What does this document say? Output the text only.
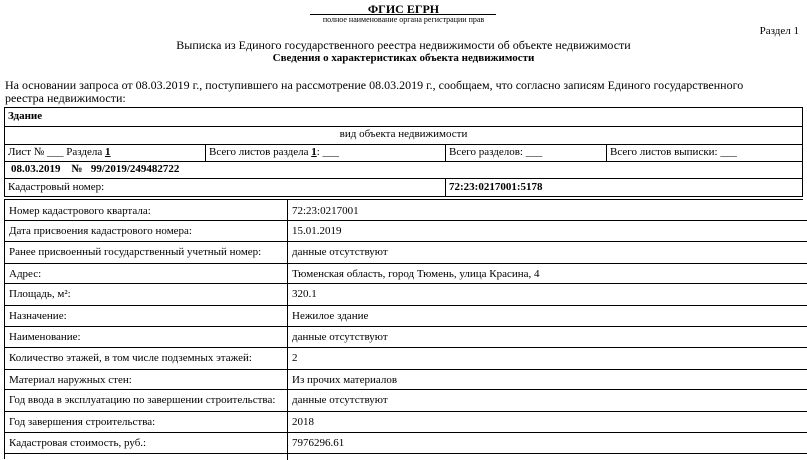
ФГИС ЕГРН
полное наименование органа регистрации прав
Раздел 1
Выписка из Единого государственного реестра недвижимости об объекте недвижимости
Сведения о характеристиках объекта недвижимости
На основании запроса от 08.03.2019 г., поступившего на рассмотрение 08.03.2019 г., сообщаем, что согласно записям Единого государственного реестра недвижимости:
Здание
вид объекта недвижимости
Лист № ___ Раздела 1	Всего листов раздела 1: ___	Всего разделов: ___	Всего листов выписки: ___
08.03.2019 № 99/2019/249482722
Кадастровый номер:	72:23:0217001:5178
Номер кадастрового квартала:	72:23:0217001
Дата присвоения кадастрового номера:	15.01.2019
Ранее присвоенный государственный учетный номер:	данные отсутствуют
Адрес:	Тюменская область, город Тюмень, улица Красина, 4
Площадь, м²:	320.1
Назначение:	Нежилое здание
Наименование:	данные отсутствуют
Количество этажей, в том числе подземных этажей:	2
Материал наружных стен:	Из прочих материалов
Год ввода в эксплуатацию по завершении строительства: данные отсутствуют
Год завершения строительства:	2018
Кадастровая стоимость, руб.:	7976296.61
